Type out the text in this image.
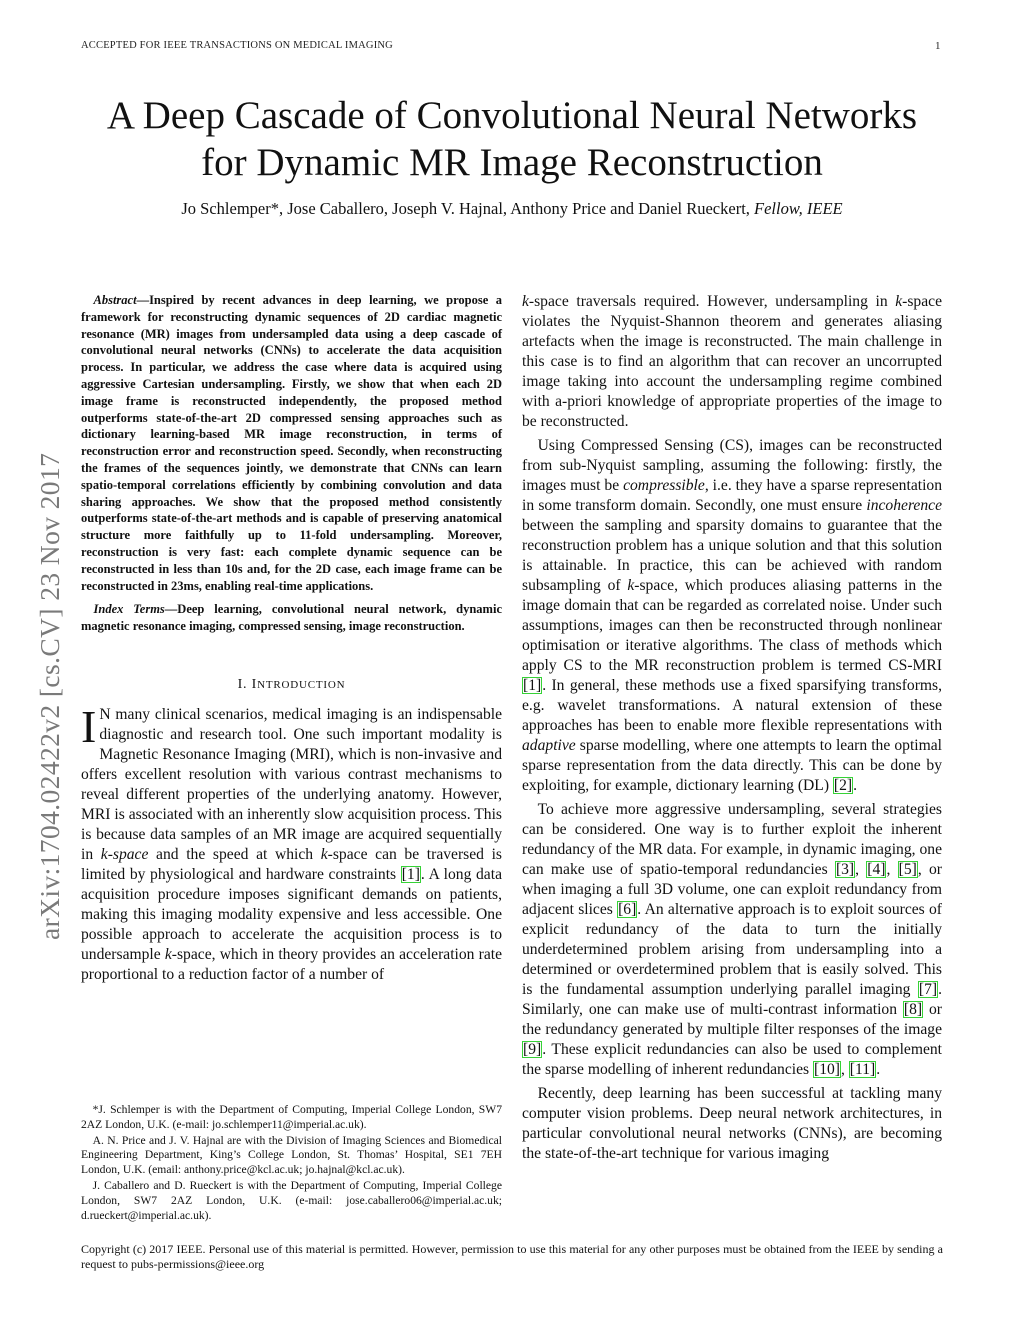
ACCEPTED FOR IEEE TRANSACTIONS ON MEDICAL IMAGING	1
arXiv:1704.02422v2 [cs.CV] 23 Nov 2017
A Deep Cascade of Convolutional Neural Networks
for Dynamic MR Image Reconstruction
Jo Schlemper*, Jose Caballero, Joseph V. Hajnal, Anthony Price and Daniel Rueckert, Fellow, IEEE

Abstract—Inspired by recent advances in deep learning, we propose a framework for reconstructing dynamic sequences of 2D cardiac magnetic resonance (MR) images from undersampled data using a deep cascade of convolutional neural networks (CNNs) to accelerate the data acquisition process. In particular, we address the case where data is acquired using aggressive Cartesian undersampling. Firstly, we show that when each 2D image frame is reconstructed independently, the proposed method outperforms state-of-the-art 2D compressed sensing approaches such as dictionary learning-based MR image reconstruction, in terms of reconstruction error and reconstruction speed. Secondly, when reconstructing the frames of the sequences jointly, we demonstrate that CNNs can learn spatio-temporal correlations efficiently by combining convolution and data sharing approaches. We show that the proposed method consistently outperforms state-of-the-art methods and is capable of preserving anatomical structure more faithfully up to 11-fold undersampling. Moreover, reconstruction is very fast: each complete dynamic sequence can be reconstructed in less than 10s and, for the 2D case, each image frame can be reconstructed in 23ms, enabling real-time applications.

Index Terms—Deep learning, convolutional neural network, dynamic magnetic resonance imaging, compressed sensing, image reconstruction.

I. INTRODUCTION

I N many clinical scenarios, medical imaging is an indispensable diagnostic and research tool. One such important modality is Magnetic Resonance Imaging (MRI), which is non-invasive and offers excellent resolution with various contrast mechanisms to reveal different properties of the underlying anatomy. However, MRI is associated with an inherently slow acquisition process. This is because data samples of an MR image are acquired sequentially in k-space and the speed at which k-space can be traversed is limited by physiological and hardware constraints [1]. A long data acquisition procedure imposes significant demands on patients, making this imaging modality expensive and less accessible. One possible approach to accelerate the acquisition process is to undersample k-space, which in theory provides an acceleration rate proportional to a reduction factor of a number of

k-space traversals required. However, undersampling in k-space violates the Nyquist-Shannon theorem and generates aliasing artefacts when the image is reconstructed. The main challenge in this case is to find an algorithm that can recover an uncorrupted image taking into account the undersampling regime combined with a-priori knowledge of appropriate properties of the image to be reconstructed.

Using Compressed Sensing (CS), images can be reconstructed from sub-Nyquist sampling, assuming the following: firstly, the images must be compressible, i.e. they have a sparse representation in some transform domain. Secondly, one must ensure incoherence between the sampling and sparsity domains to guarantee that the reconstruction problem has a unique solution and that this solution is attainable. In practice, this can be achieved with random subsampling of k-space, which produces aliasing patterns in the image domain that can be regarded as correlated noise. Under such assumptions, images can then be reconstructed through nonlinear optimisation or iterative algorithms. The class of methods which apply CS to the MR reconstruction problem is termed CS-MRI [1]. In general, these methods use a fixed sparsifying transforms, e.g. wavelet transformations. A natural extension of these approaches has been to enable more flexible representations with adaptive sparse modelling, where one attempts to learn the optimal sparse representation from the data directly. This can be done by exploiting, for example, dictionary learning (DL) [2].

To achieve more aggressive undersampling, several strategies can be considered. One way is to further exploit the inherent redundancy of the MR data. For example, in dynamic imaging, one can make use of spatio-temporal redundancies [3], [4], [5], or when imaging a full 3D volume, one can exploit redundancy from adjacent slices [6]. An alternative approach is to exploit sources of explicit redundancy of the data to turn the initially underdetermined problem arising from undersampling into a determined or overdetermined problem that is easily solved. This is the fundamental assumption underlying parallel imaging [7]. Similarly, one can make use of multi-contrast information [8] or the redundancy generated by multiple filter responses of the image [9]. These explicit redundancies can also be used to complement the sparse modelling of inherent redundancies [10], [11].

Recently, deep learning has been successful at tackling many computer vision problems. Deep neural network architectures, in particular convolutional neural networks (CNNs), are becoming the state-of-the-art technique for various imaging

*J. Schlemper is with the Department of Computing, Imperial College London, SW7 2AZ London, U.K. (e-mail: jo.schlemper11@imperial.ac.uk).

A. N. Price and J. V. Hajnal are with the Division of Imaging Sciences and Biomedical Engineering Department, King’s College London, St. Thomas’ Hospital, SE1 7EH London, U.K. (email: anthony.price@kcl.ac.uk; jo.hajnal@kcl.ac.uk).

J. Caballero and D. Rueckert is with the Department of Computing, Imperial College London, SW7 2AZ London, U.K. (e-mail: jose.caballero06@imperial.ac.uk; d.rueckert@imperial.ac.uk).

Copyright (c) 2017 IEEE. Personal use of this material is permitted. However, permission to use this material for any other purposes must be obtained from the IEEE by sending a request to pubs-permissions@ieee.org
